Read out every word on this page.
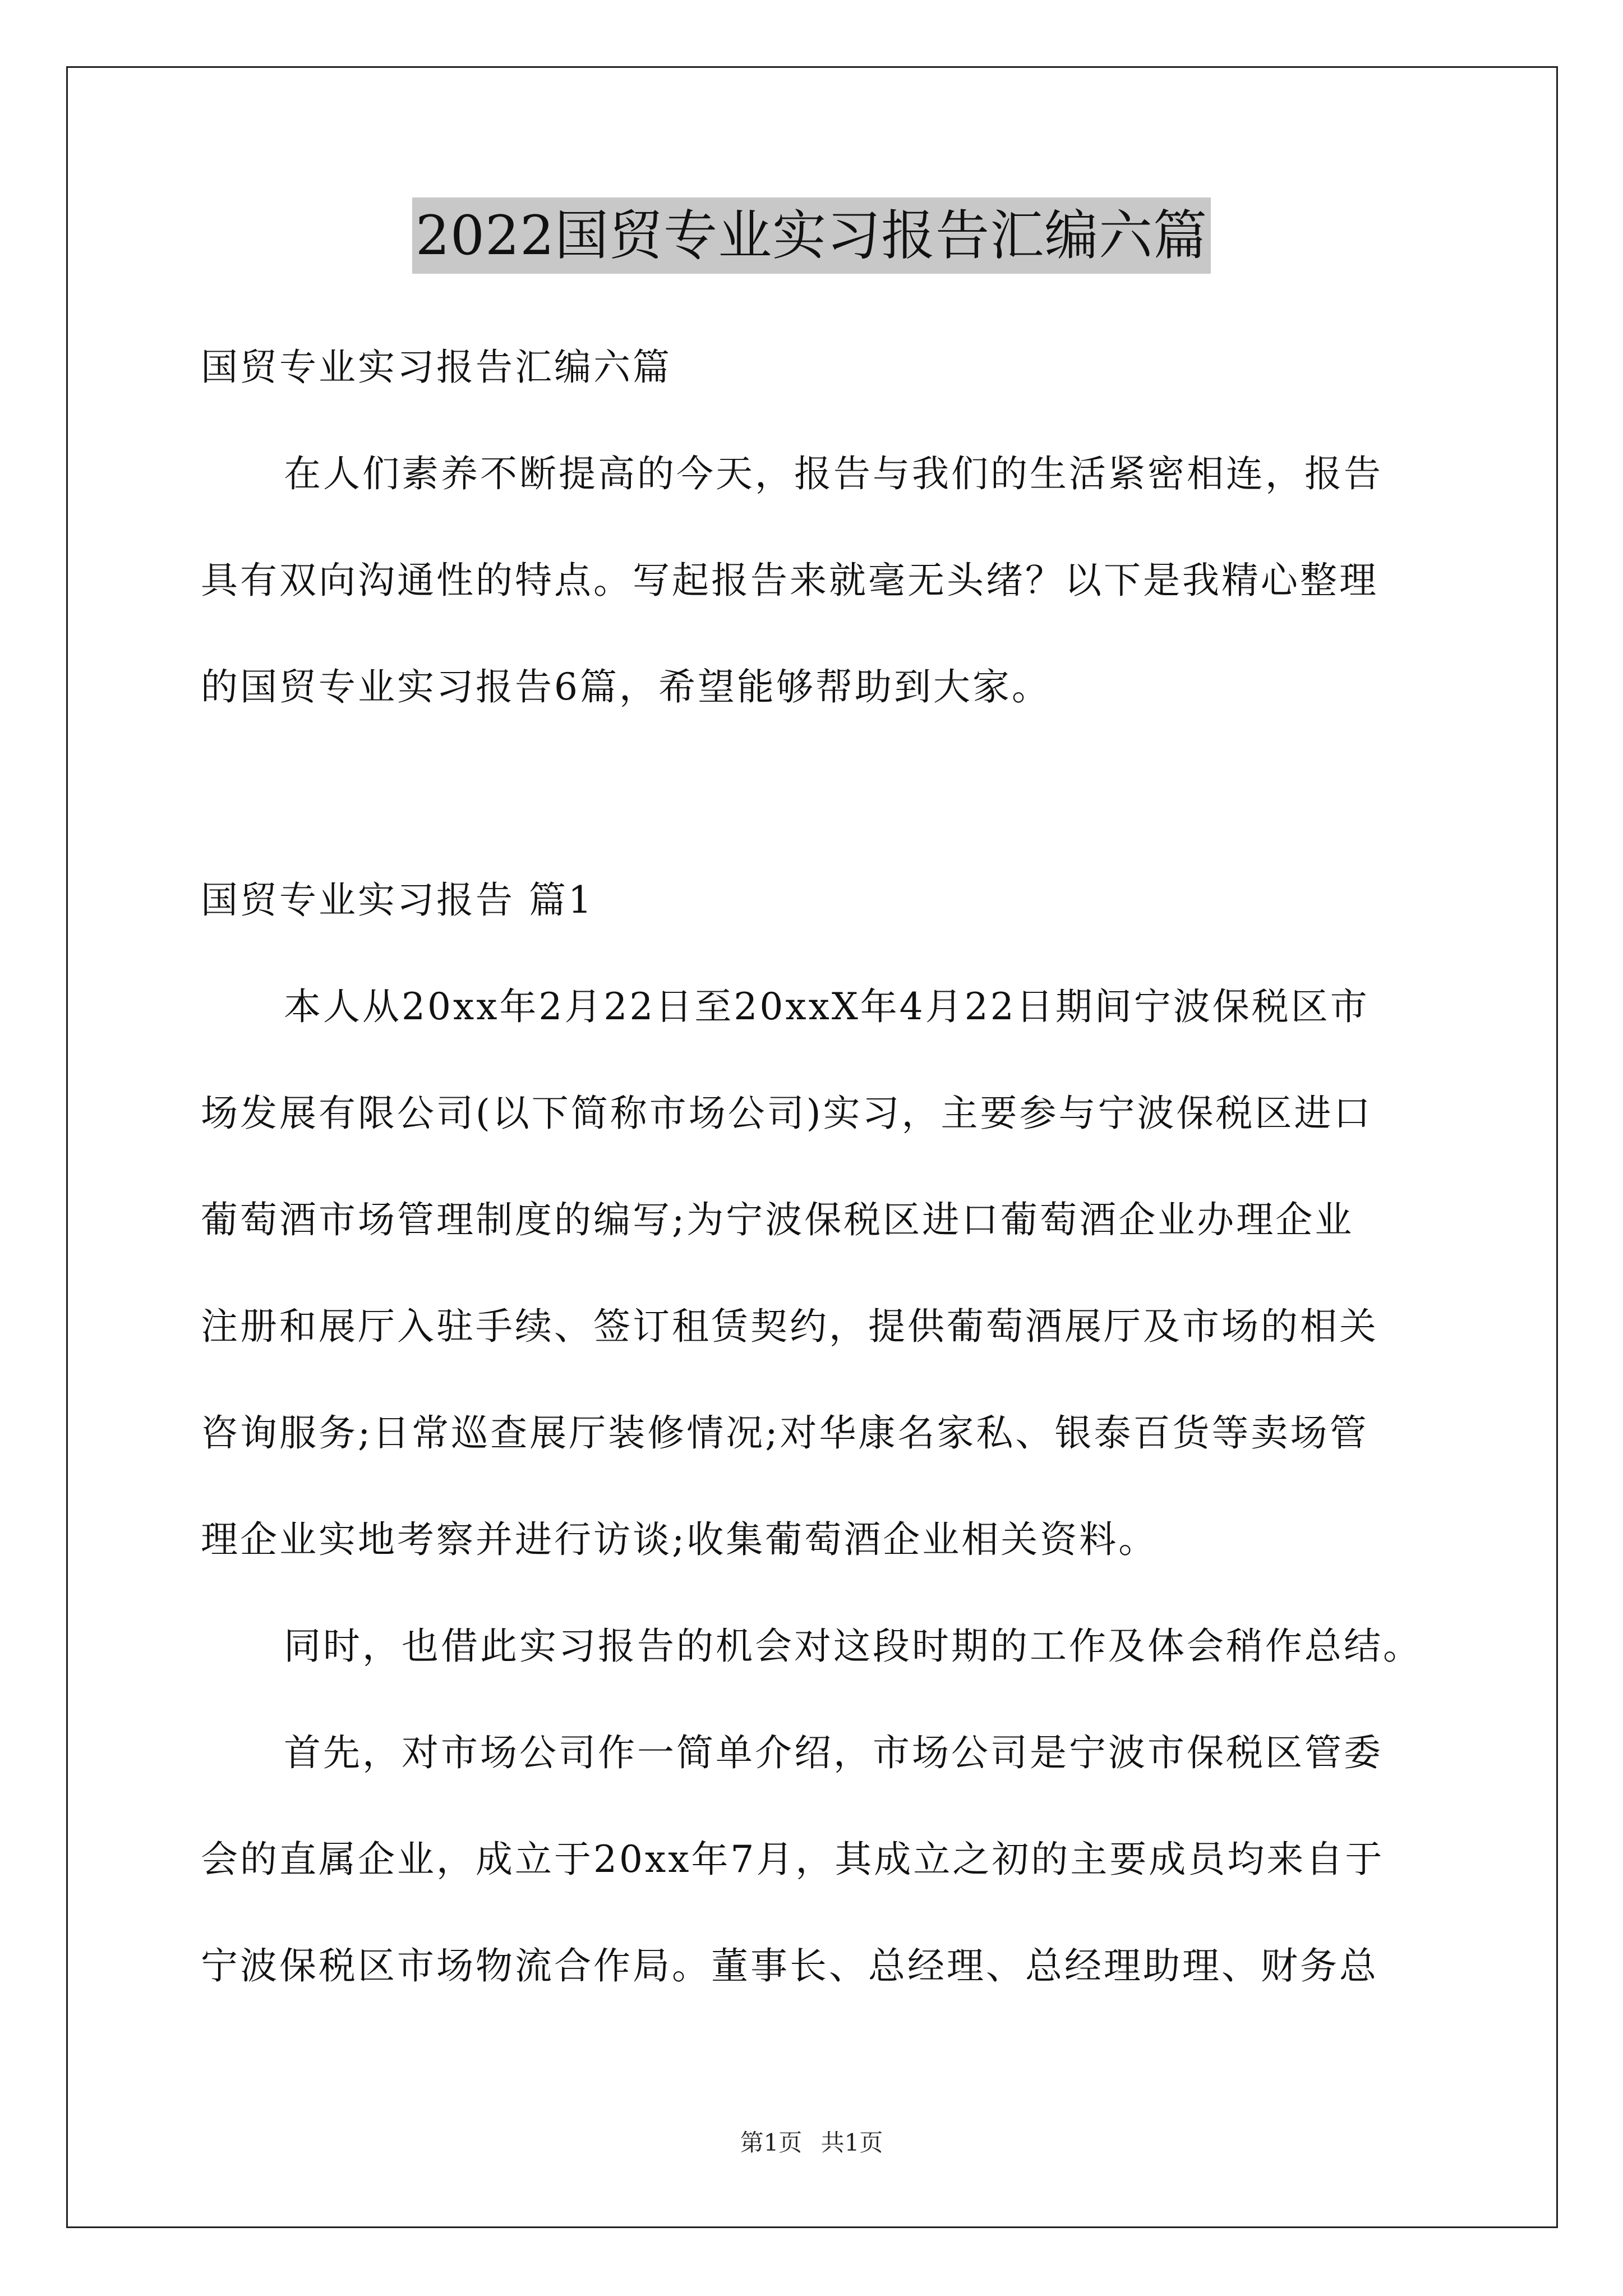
2022国贸专业实习报告汇编六篇
国贸专业实习报告汇编六篇
在人们素养不断提高的今天，报告与我们的生活紧密相连，报告
具有双向沟通性的特点。写起报告来就毫无头绪？以下是我精心整理
的国贸专业实习报告6篇，希望能够帮助到大家。
国贸专业实习报告 篇1
本人从20xx年2月22日至20xxX年4月22日期间宁波保税区市
场发展有限公司(以下简称市场公司)实习，主要参与宁波保税区进口
葡萄酒市场管理制度的编写;为宁波保税区进口葡萄酒企业办理企业
注册和展厅入驻手续、签订租赁契约，提供葡萄酒展厅及市场的相关
咨询服务;日常巡查展厅装修情况;对华康名家私、银泰百货等卖场管
理企业实地考察并进行访谈;收集葡萄酒企业相关资料。
同时，也借此实习报告的机会对这段时期的工作及体会稍作总结。
首先，对市场公司作一简单介绍，市场公司是宁波市保税区管委
会的直属企业，成立于20xx年7月，其成立之初的主要成员均来自于
宁波保税区市场物流合作局。董事长、总经理、总经理助理、财务总
第1页 共1页
